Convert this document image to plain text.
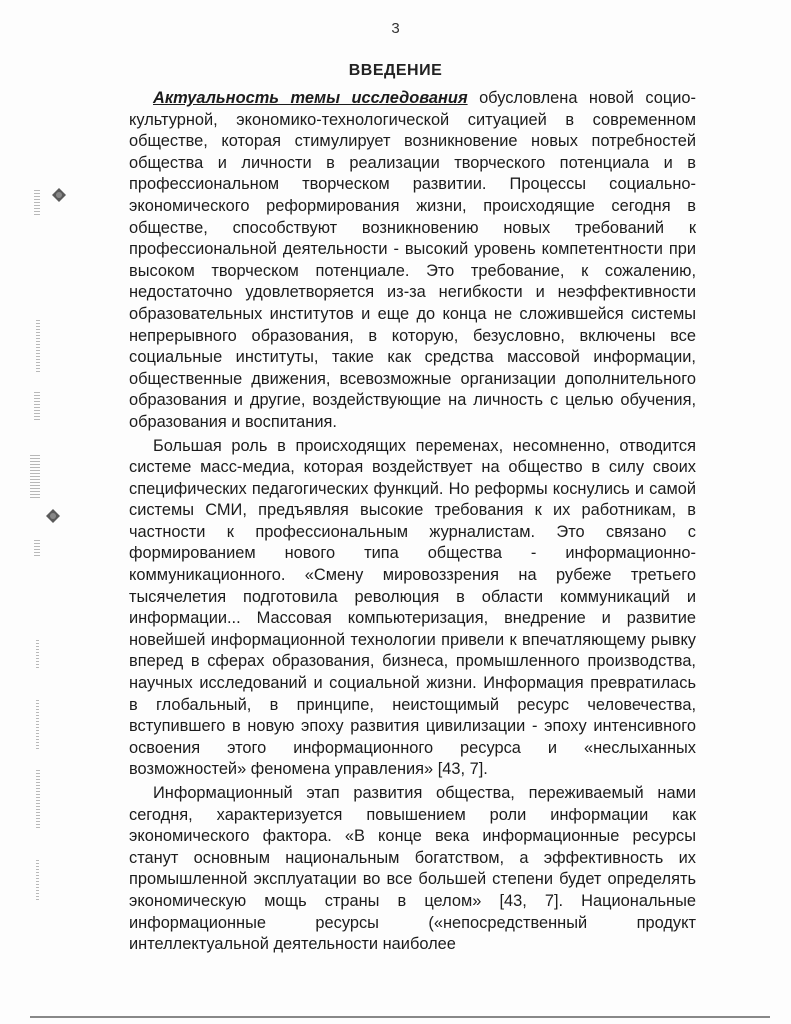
3
ВВЕДЕНИЕ

Актуальность темы исследования обусловлена новой социо-культурной, экономико-технологической ситуацией в современном обществе, которая стимулирует возникновение новых потребностей общества и личности в реализации творческого потенциала и в профессиональном творческом развитии. Процессы социально-экономического реформирования жизни, происходящие сегодня в обществе, способствуют возникновению новых требований к профессиональной деятельности - высокий уровень компетентности при высоком творческом потенциале. Это требование, к сожалению, недостаточно удовлетворяется из-за негибкости и неэффективности образовательных институтов и еще до конца не сложившейся системы непрерывного образования, в которую, безусловно, включены все социальные институты, такие как средства массовой информации, общественные движения, всевозможные организации дополнительного образования и другие, воздействующие на личность с целью обучения, образования и воспитания.

Большая роль в происходящих переменах, несомненно, отводится системе масс-медиа, которая воздействует на общество в силу своих специфических педагогических функций. Но реформы коснулись и самой системы СМИ, предъявляя высокие требования к их работникам, в частности к профессиональным журналистам. Это связано с формированием нового типа общества - информационно-коммуникационного. «Смену мировоззрения на рубеже третьего тысячелетия подготовила революция в области коммуникаций и информации... Массовая компьютеризация, внедрение и развитие новейшей информационной технологии привели к впечатляющему рывку вперед в сферах образования, бизнеса, промышленного производства, научных исследований и социальной жизни. Информация превратилась в глобальный, в принципе, неистощимый ресурс человечества, вступившего в новую эпоху развития цивилизации - эпоху интенсивного освоения этого информационного ресурса и «неслыханных возможностей» феномена управления» [43, 7].

Информационный этап развития общества, переживаемый нами сегодня, характеризуется повышением роли информации как экономического фактора. «В конце века информационные ресурсы станут основным национальным богатством, а эффективность их промышленной эксплуатации во все большей степени будет определять экономическую мощь страны в целом» [43, 7]. Национальные информационные ресурсы («непосредственный продукт интеллектуальной деятельности наиболее
